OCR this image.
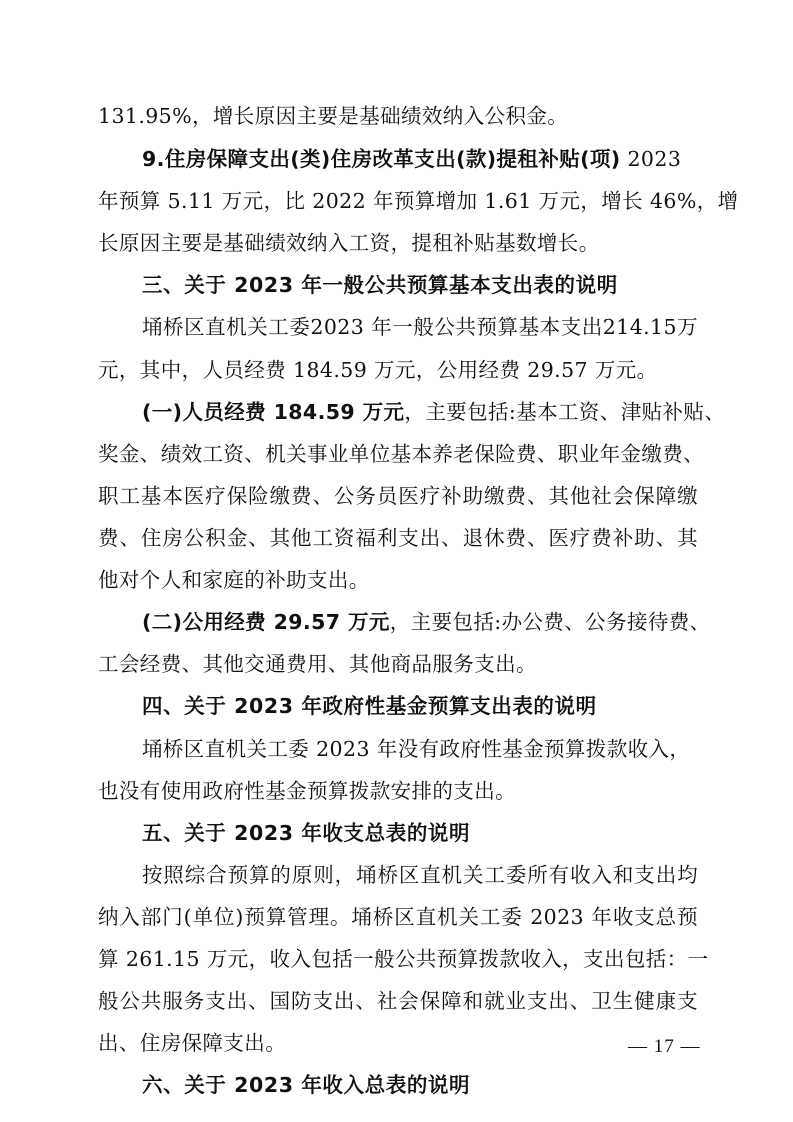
131.95%，增长原因主要是基础绩效纳入公积金。
9.住房保障支出(类)住房改革支出(款)提租补贴(项) 2023
年预算 5.11 万元，比 2022 年预算增加 1.61 万元，增长 46%，增
长原因主要是基础绩效纳入工资，提租补贴基数增长。
三、关于 2023 年一般公共预算基本支出表的说明
埇桥区直机关工委2023 年一般公共预算基本支出214.15万
元，其中，人员经费 184.59 万元，公用经费 29.57 万元。
(一)人员经费 184.59 万元，主要包括:基本工资、津贴补贴、
奖金、绩效工资、机关事业单位基本养老保险费、职业年金缴费、
职工基本医疗保险缴费、公务员医疗补助缴费、其他社会保障缴
费、住房公积金、其他工资福利支出、退休费、医疗费补助、其
他对个人和家庭的补助支出。
(二)公用经费 29.57 万元，主要包括:办公费、公务接待费、
工会经费、其他交通费用、其他商品服务支出。
四、关于 2023 年政府性基金预算支出表的说明
埇桥区直机关工委 2023 年没有政府性基金预算拨款收入，
也没有使用政府性基金预算拨款安排的支出。
五、关于 2023 年收支总表的说明
按照综合预算的原则，埇桥区直机关工委所有收入和支出均
纳入部门(单位)预算管理。埇桥区直机关工委 2023 年收支总预
算 261.15 万元，收入包括一般公共预算拨款收入，支出包括：一
般公共服务支出、国防支出、社会保障和就业支出、卫生健康支
出、住房保障支出。
六、关于 2023 年收入总表的说明
— 17 —
